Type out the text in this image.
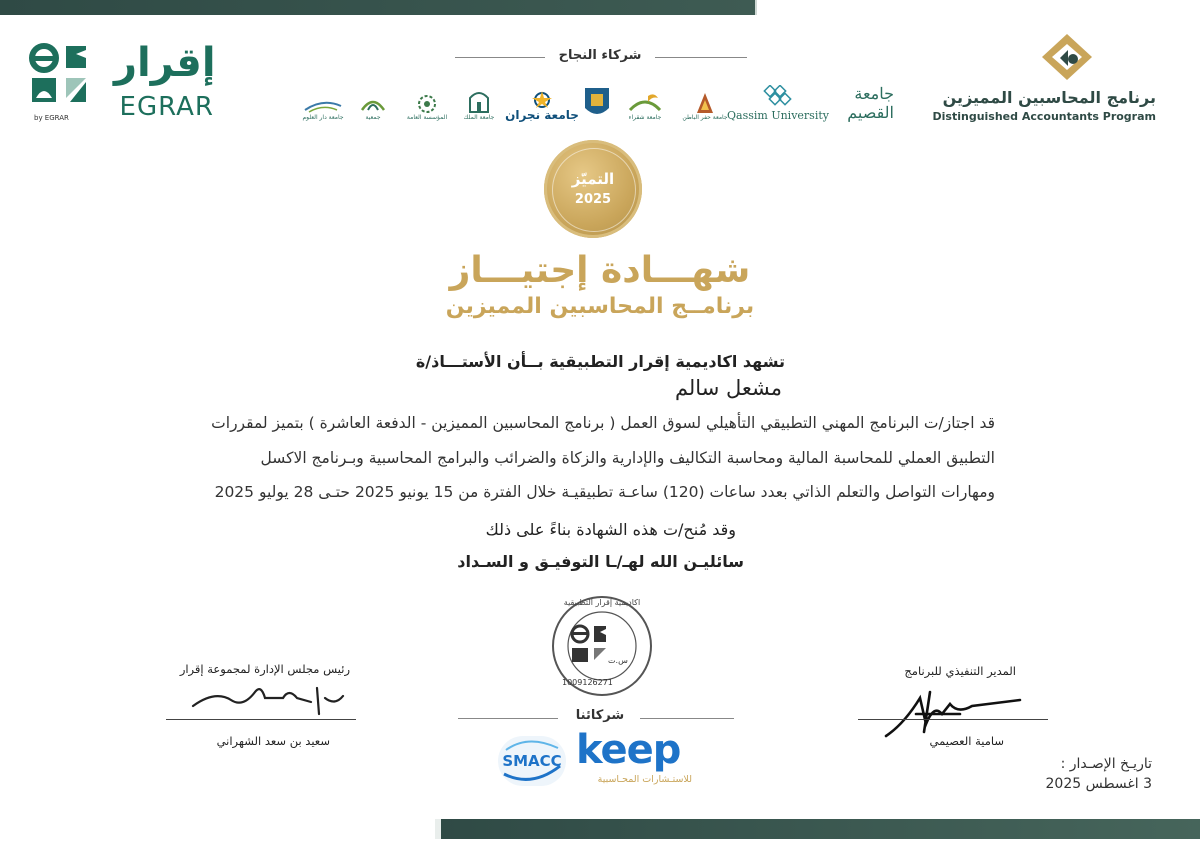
by EGRAR
إقرار
EGRAR	برنامج المحاسبين المميزين
Distinguished Accountants Program
شركاء النجاح
جامعة القصيم
Qassim University
جامعة حفر الباطن
جامعة شقراء
جامعة نجران
جامعة الملك
المؤسسة العامة
جمعية
جامعة دار العلوم
التميّز
2025
شهـــادة إجتيـــاز
برنامــج المحاسبين المميزين
تشهد اكاديمية إقرار التطبيقية بــأن الأستـــاذ/ة
مشعل سالم
قد اجتاز/ت البرنامج المهني التطبيقي التأهيلي لسوق العمل ( برنامج المحاسبين المميزين - الدفعة العاشرة ) بتميز لمقررات
التطبيق العملي للمحاسبة المالية ومحاسبة التكاليف والإدارية والزكاة والضرائب والبرامج المحاسبية وبـرنامج الاكسل
ومهارات التواصل والتعلم الذاتي بعدد ساعات (120) ساعـة تطبيقيـة خلال الفترة من 15 يونيو 2025 حتـى 28 يوليو 2025
وقد مُنح/ت هذه الشهادة بناءً على ذلك
سائليـن الله لهـ/ـا التوفيـق و السـداد
اكاديمية إقرار التطبيقية
س.ت
1009126271
رئيس مجلس الإدارة لمجموعة إقرار
سعيد بن سعد الشهراني
المدير التنفيذي للبرنامج
سامية العصيمي
شركائنا
SMACC keep
للاستـشارات المحـاسبية
تاريـخ الإصـدار :
3 اغسطس 2025
